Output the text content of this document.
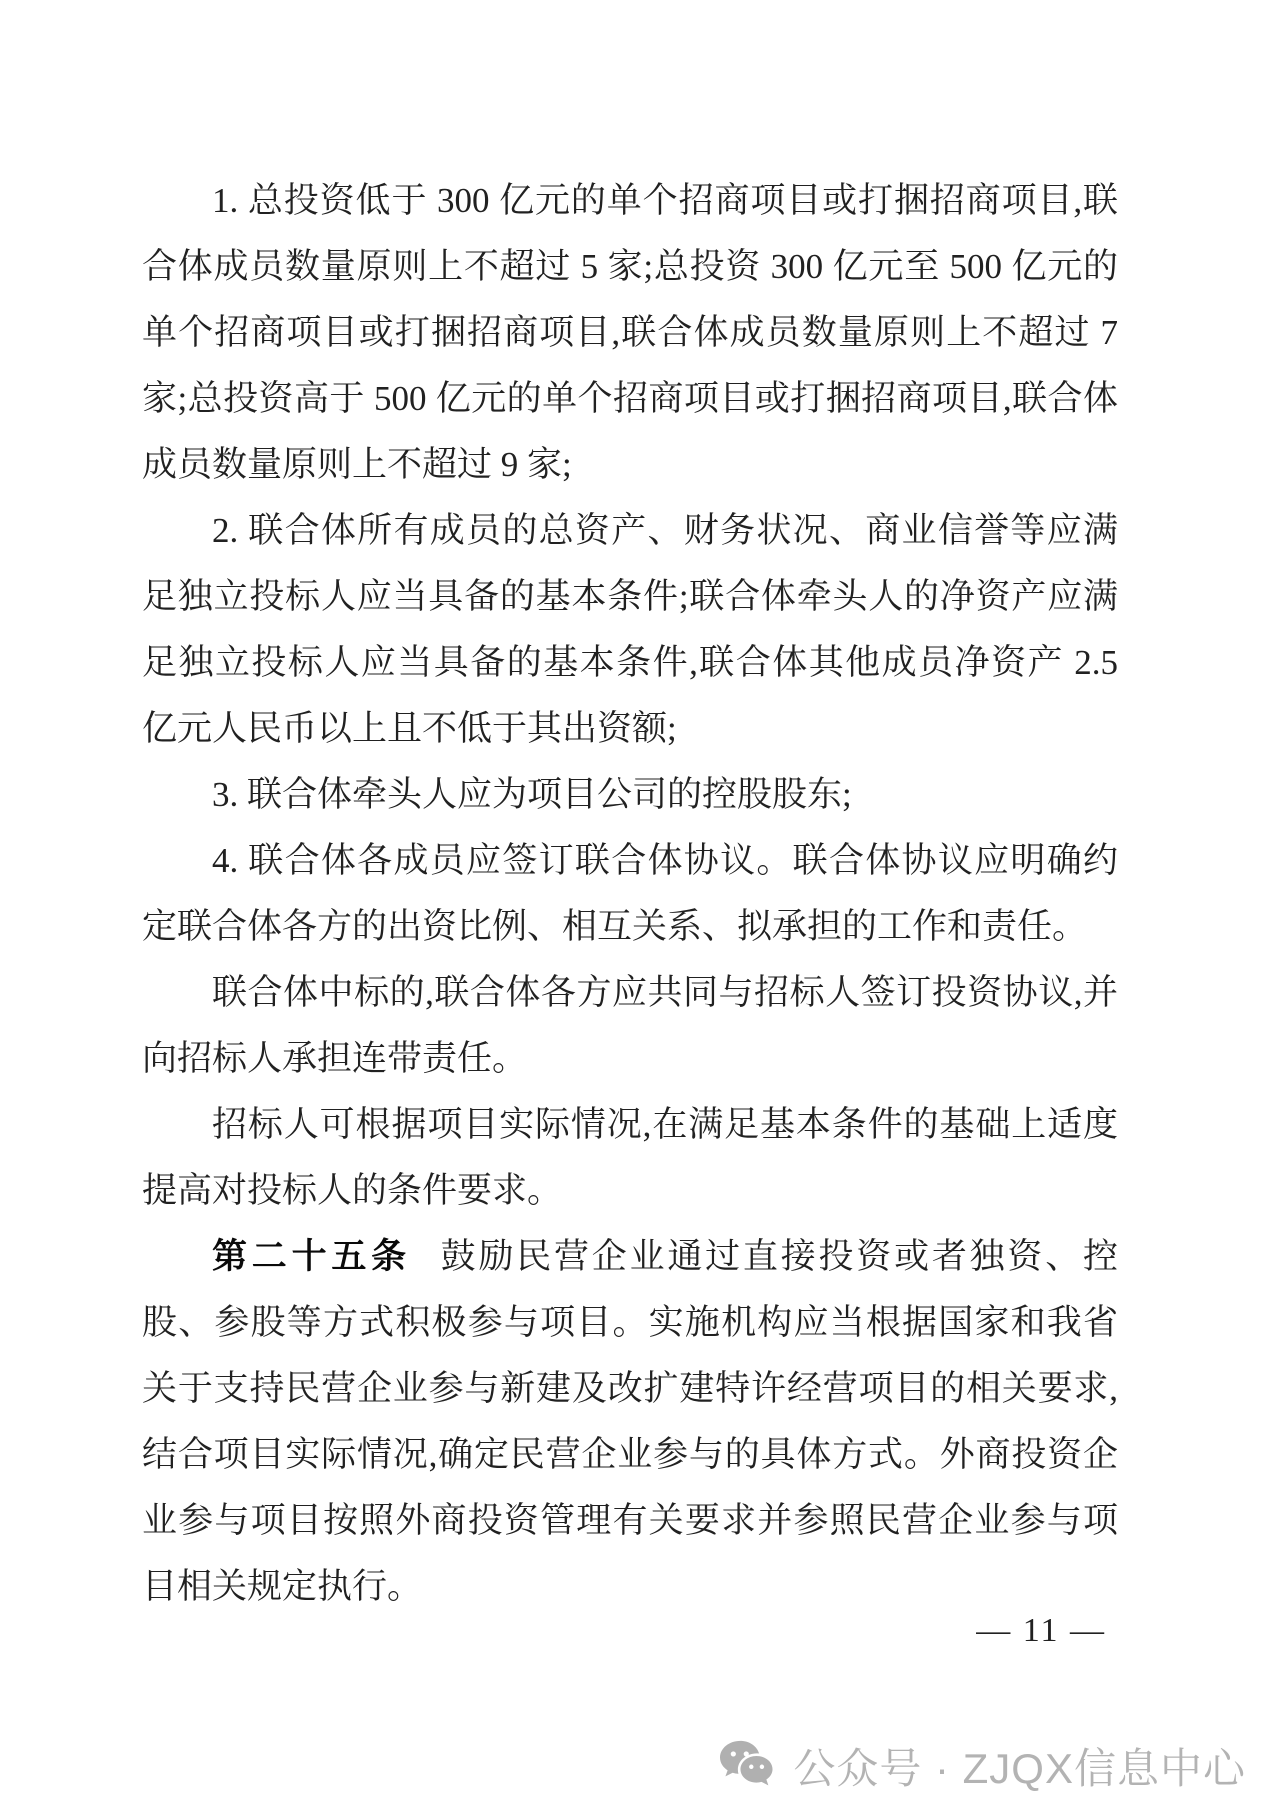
1. 总投资低于 300 亿元的单个招商项目或打捆招商项目,联合体成员数量原则上不超过 5 家;总投资 300 亿元至 500 亿元的单个招商项目或打捆招商项目,联合体成员数量原则上不超过 7 家;总投资高于 500 亿元的单个招商项目或打捆招商项目,联合体成员数量原则上不超过 9 家;

2. 联合体所有成员的总资产、财务状况、商业信誉等应满足独立投标人应当具备的基本条件;联合体牵头人的净资产应满足独立投标人应当具备的基本条件,联合体其他成员净资产 2.5 亿元人民币以上且不低于其出资额;

3. 联合体牵头人应为项目公司的控股股东;

4. 联合体各成员应签订联合体协议。联合体协议应明确约定联合体各方的出资比例、相互关系、拟承担的工作和责任。

联合体中标的,联合体各方应共同与招标人签订投资协议,并向招标人承担连带责任。

招标人可根据项目实际情况,在满足基本条件的基础上适度提高对投标人的条件要求。

第二十五条 鼓励民营企业通过直接投资或者独资、控股、参股等方式积极参与项目。实施机构应当根据国家和我省关于支持民营企业参与新建及改扩建特许经营项目的相关要求,结合项目实际情况,确定民营企业参与的具体方式。外商投资企业参与项目按照外商投资管理有关要求并参照民营企业参与项目相关规定执行。

— 11 —
公众号 · ZJQX信息中心
